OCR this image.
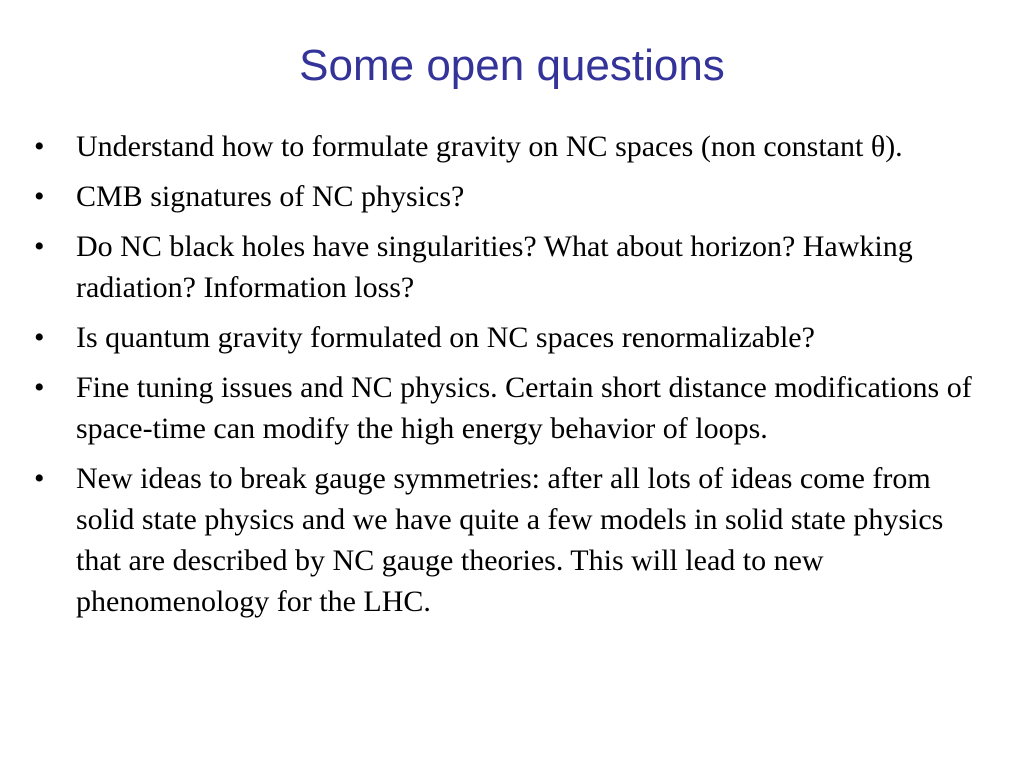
Some open questions
•	Understand how to formulate gravity on NC spaces (non constant θ).
•	CMB signatures of NC physics?
•	Do NC black holes have singularities? What about horizon? Hawking radiation? Information loss?
•	Is quantum gravity formulated on NC spaces renormalizable?
•	Fine tuning issues and NC physics. Certain short distance modifications of space-time can modify the high energy behavior of loops.
•	New ideas to break gauge symmetries: after all lots of ideas come from solid state physics and we have quite a few models in solid state physics that are described by NC gauge theories. This will lead to new phenomenology for the LHC.
